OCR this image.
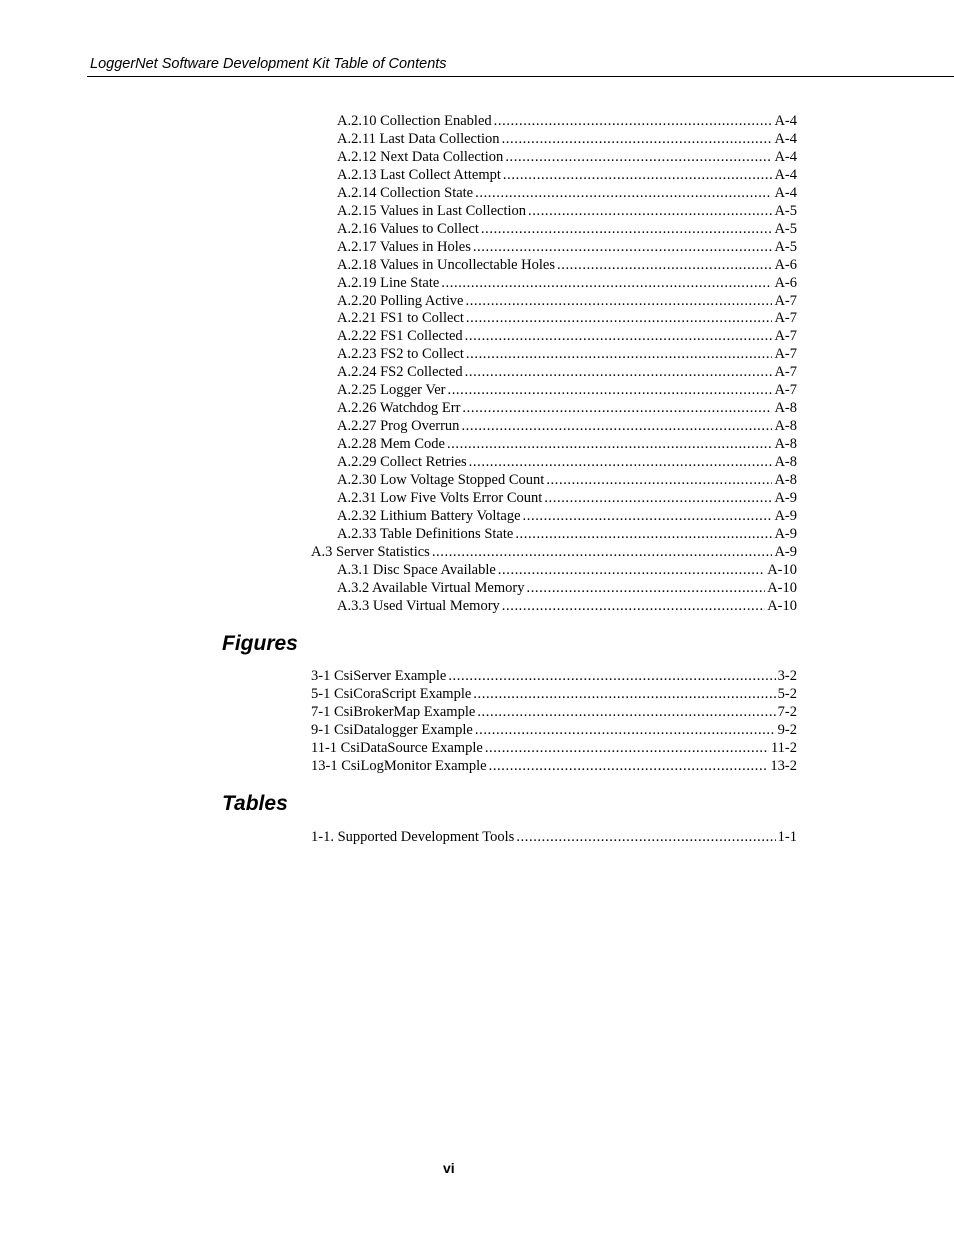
LoggerNet Software Development Kit Table of Contents
A.2.10 Collection Enabled .....	A-4
A.2.11 Last Data Collection .....	A-4
A.2.12 Next Data Collection .....	A-4
A.2.13 Last Collect Attempt .....	A-4
A.2.14 Collection State .....	A-4
A.2.15 Values in Last Collection .....	A-5
A.2.16 Values to Collect .....	A-5
A.2.17 Values in Holes .....	A-5
A.2.18 Values in Uncollectable Holes .....	A-6
A.2.19 Line State .....	A-6
A.2.20 Polling Active .....	A-7
A.2.21 FS1 to Collect .....	A-7
A.2.22 FS1 Collected .....	A-7
A.2.23 FS2 to Collect .....	A-7
A.2.24 FS2 Collected .....	A-7
A.2.25 Logger Ver .....	A-7
A.2.26 Watchdog Err .....	A-8
A.2.27 Prog Overrun .....	A-8
A.2.28 Mem Code .....	A-8
A.2.29 Collect Retries .....	A-8
A.2.30 Low Voltage Stopped Count .....	A-8
A.2.31 Low Five Volts Error Count .....	A-9
A.2.32 Lithium Battery Voltage .....	A-9
A.2.33 Table Definitions State .....	A-9
A.3 Server Statistics .....	A-9
A.3.1 Disc Space Available .....	A-10
A.3.2 Available Virtual Memory .....	A-10
A.3.3 Used Virtual Memory .....	A-10
Figures
3-1 CsiServer Example .....	3-2
5-1 CsiCoraScript Example .....	5-2
7-1 CsiBrokerMap Example .....	7-2
9-1 CsiDatalogger Example .....	9-2
11-1 CsiDataSource Example .....	11-2
13-1 CsiLogMonitor Example .....	13-2
Tables
1-1. Supported Development Tools .....	1-1
vi
